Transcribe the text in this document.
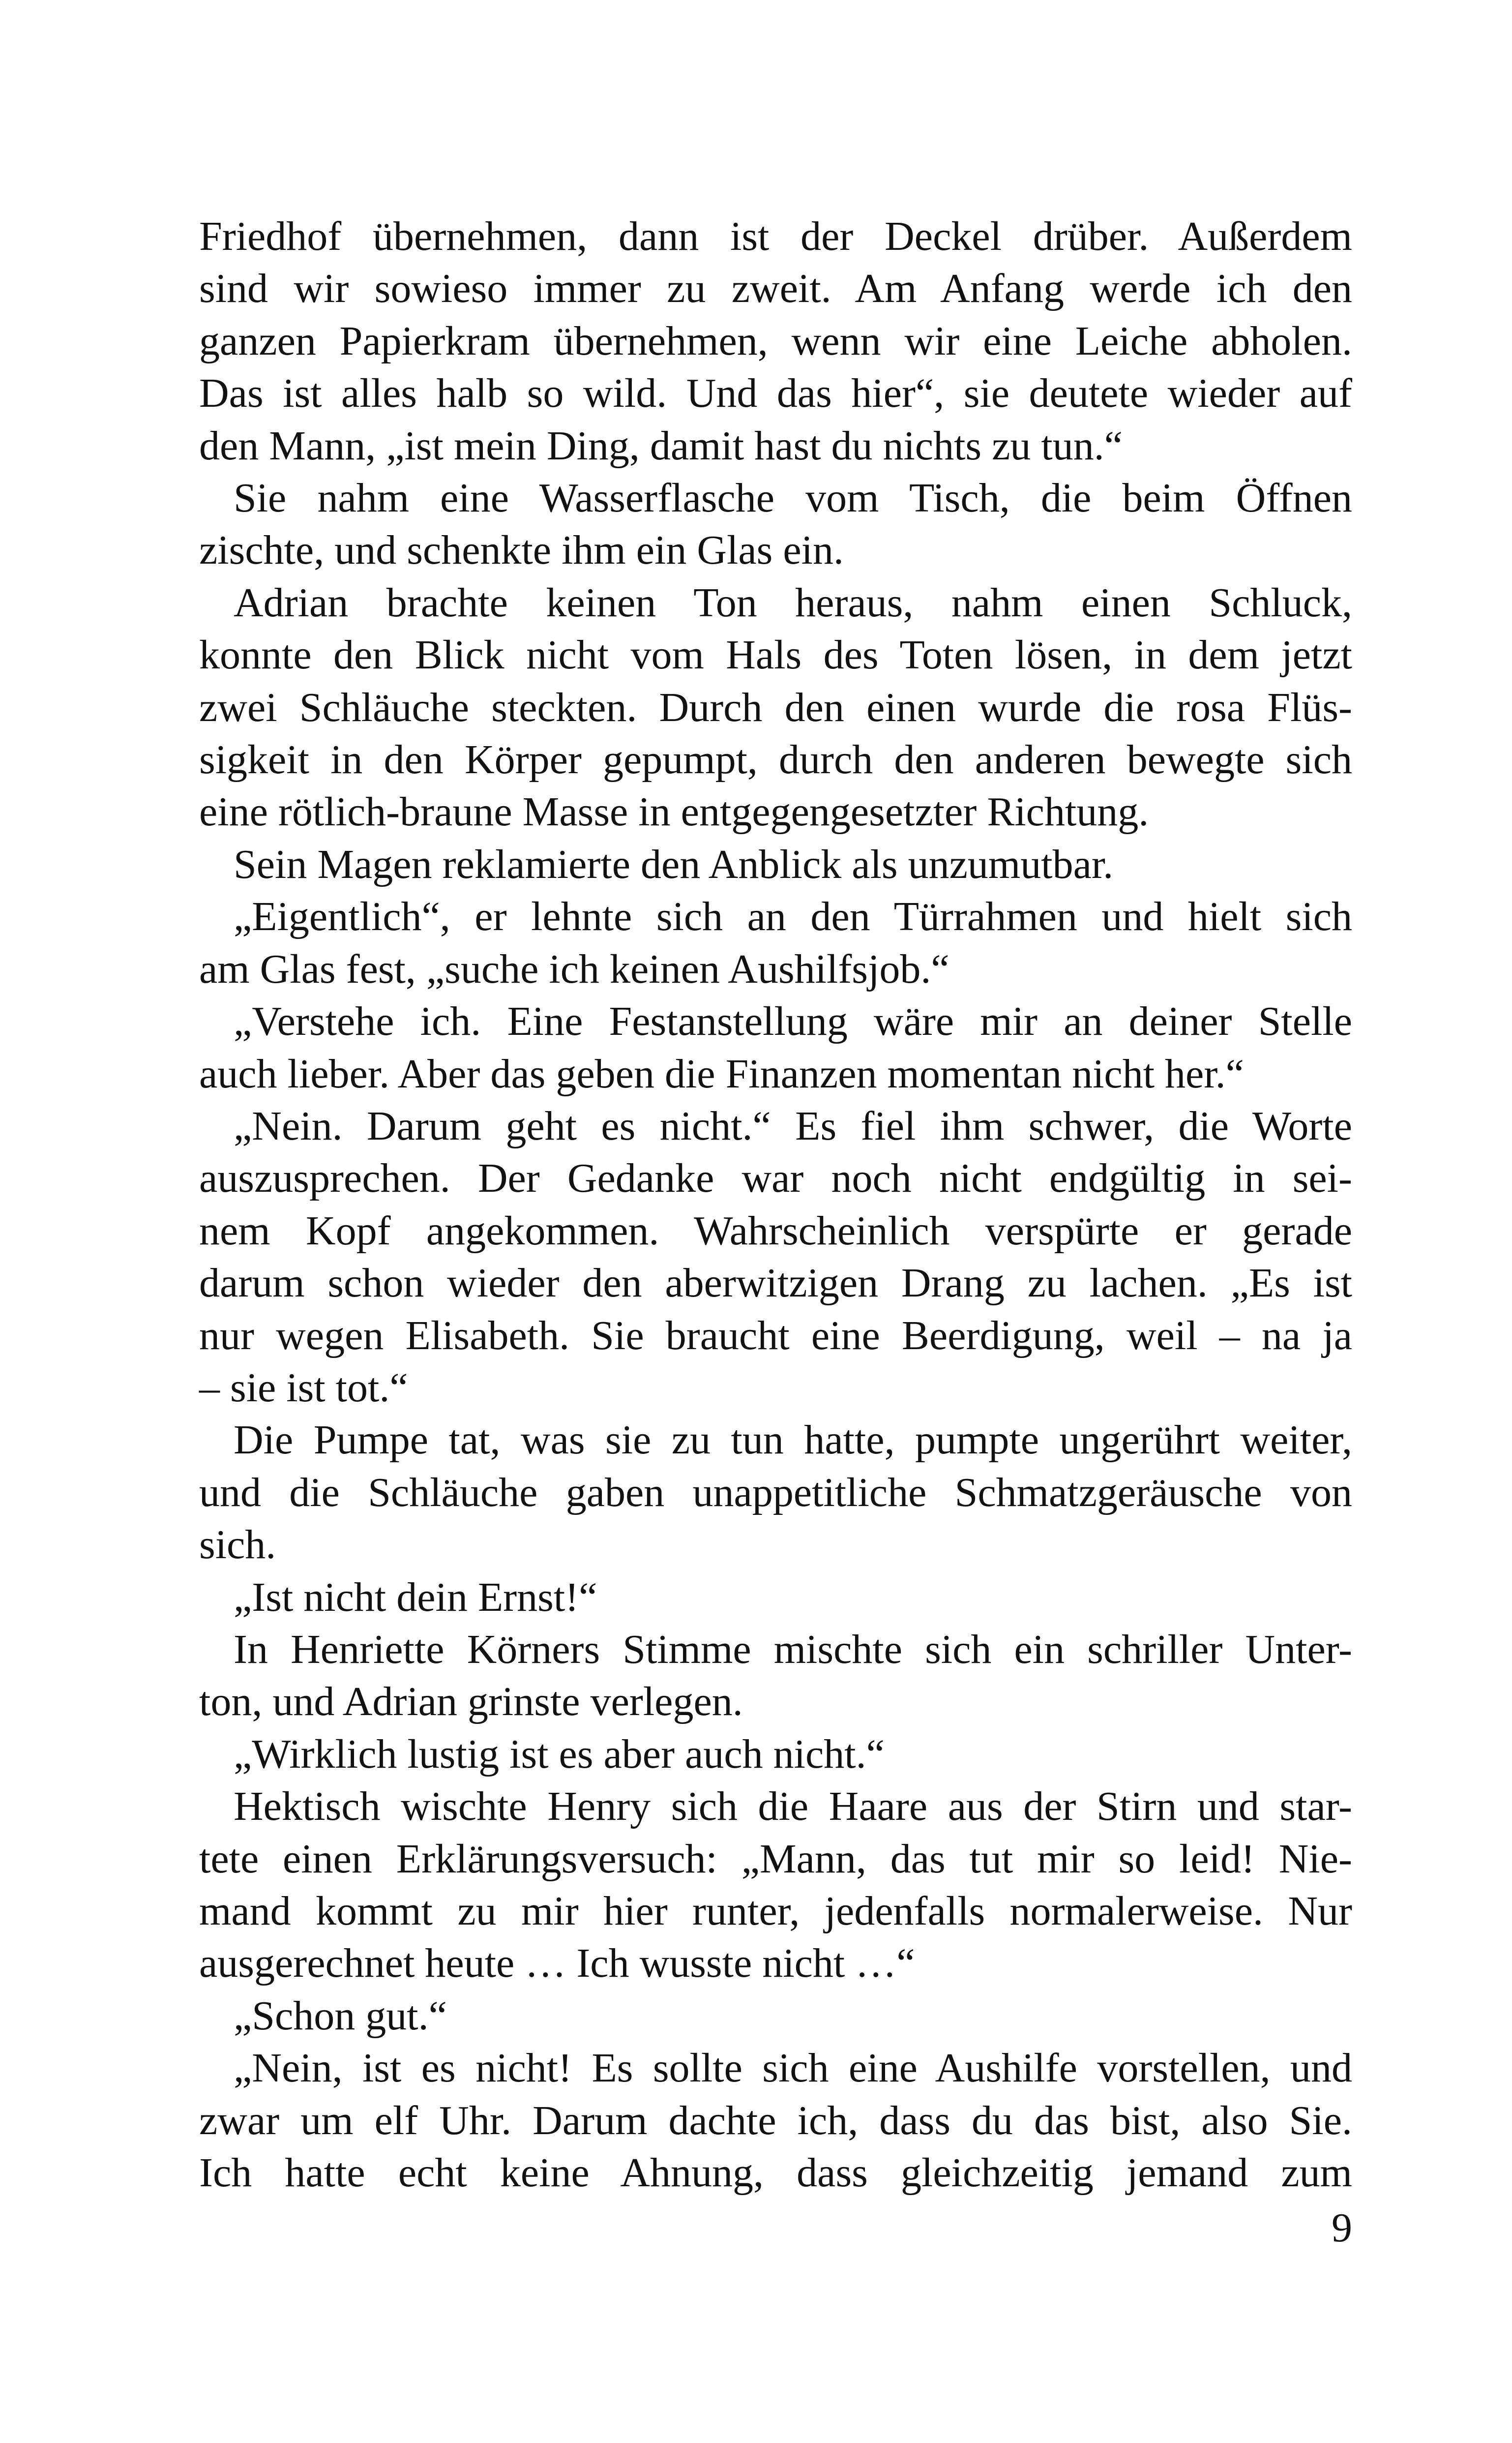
Friedhof übernehmen, dann ist der Deckel drüber. Außerdem
sind wir sowieso immer zu zweit. Am Anfang werde ich den
ganzen Papierkram übernehmen, wenn wir eine Leiche abholen.
Das ist alles halb so wild. Und das hier“, sie deutete wieder auf
den Mann, „ist mein Ding, damit hast du nichts zu tun.“
Sie nahm eine Wasserflasche vom Tisch, die beim Öffnen
zischte, und schenkte ihm ein Glas ein.
Adrian brachte keinen Ton heraus, nahm einen Schluck,
konnte den Blick nicht vom Hals des Toten lösen, in dem jetzt
zwei Schläuche steckten. Durch den einen wurde die rosa Flüs-
sigkeit in den Körper gepumpt, durch den anderen bewegte sich
eine rötlich-braune Masse in entgegengesetzter Richtung.
Sein Magen reklamierte den Anblick als unzumutbar.
„Eigentlich“, er lehnte sich an den Türrahmen und hielt sich
am Glas fest, „suche ich keinen Aushilfsjob.“
„Verstehe ich. Eine Festanstellung wäre mir an deiner Stelle
auch lieber. Aber das geben die Finanzen momentan nicht her.“
„Nein. Darum geht es nicht.“ Es fiel ihm schwer, die Worte
auszusprechen. Der Gedanke war noch nicht endgültig in sei-
nem Kopf angekommen. Wahrscheinlich verspürte er gerade
darum schon wieder den aberwitzigen Drang zu lachen. „Es ist
nur wegen Elisabeth. Sie braucht eine Beerdigung, weil – na ja
– sie ist tot.“
Die Pumpe tat, was sie zu tun hatte, pumpte ungerührt weiter,
und die Schläuche gaben unappetitliche Schmatzgeräusche von
sich.
„Ist nicht dein Ernst!“
In Henriette Körners Stimme mischte sich ein schriller Unter-
ton, und Adrian grinste verlegen.
„Wirklich lustig ist es aber auch nicht.“
Hektisch wischte Henry sich die Haare aus der Stirn und star-
tete einen Erklärungsversuch: „Mann, das tut mir so leid! Nie-
mand kommt zu mir hier runter, jedenfalls normalerweise. Nur
ausgerechnet heute … Ich wusste nicht …“
„Schon gut.“
„Nein, ist es nicht! Es sollte sich eine Aushilfe vorstellen, und
zwar um elf Uhr. Darum dachte ich, dass du das bist, also Sie.
Ich hatte echt keine Ahnung, dass gleichzeitig jemand zum
9
